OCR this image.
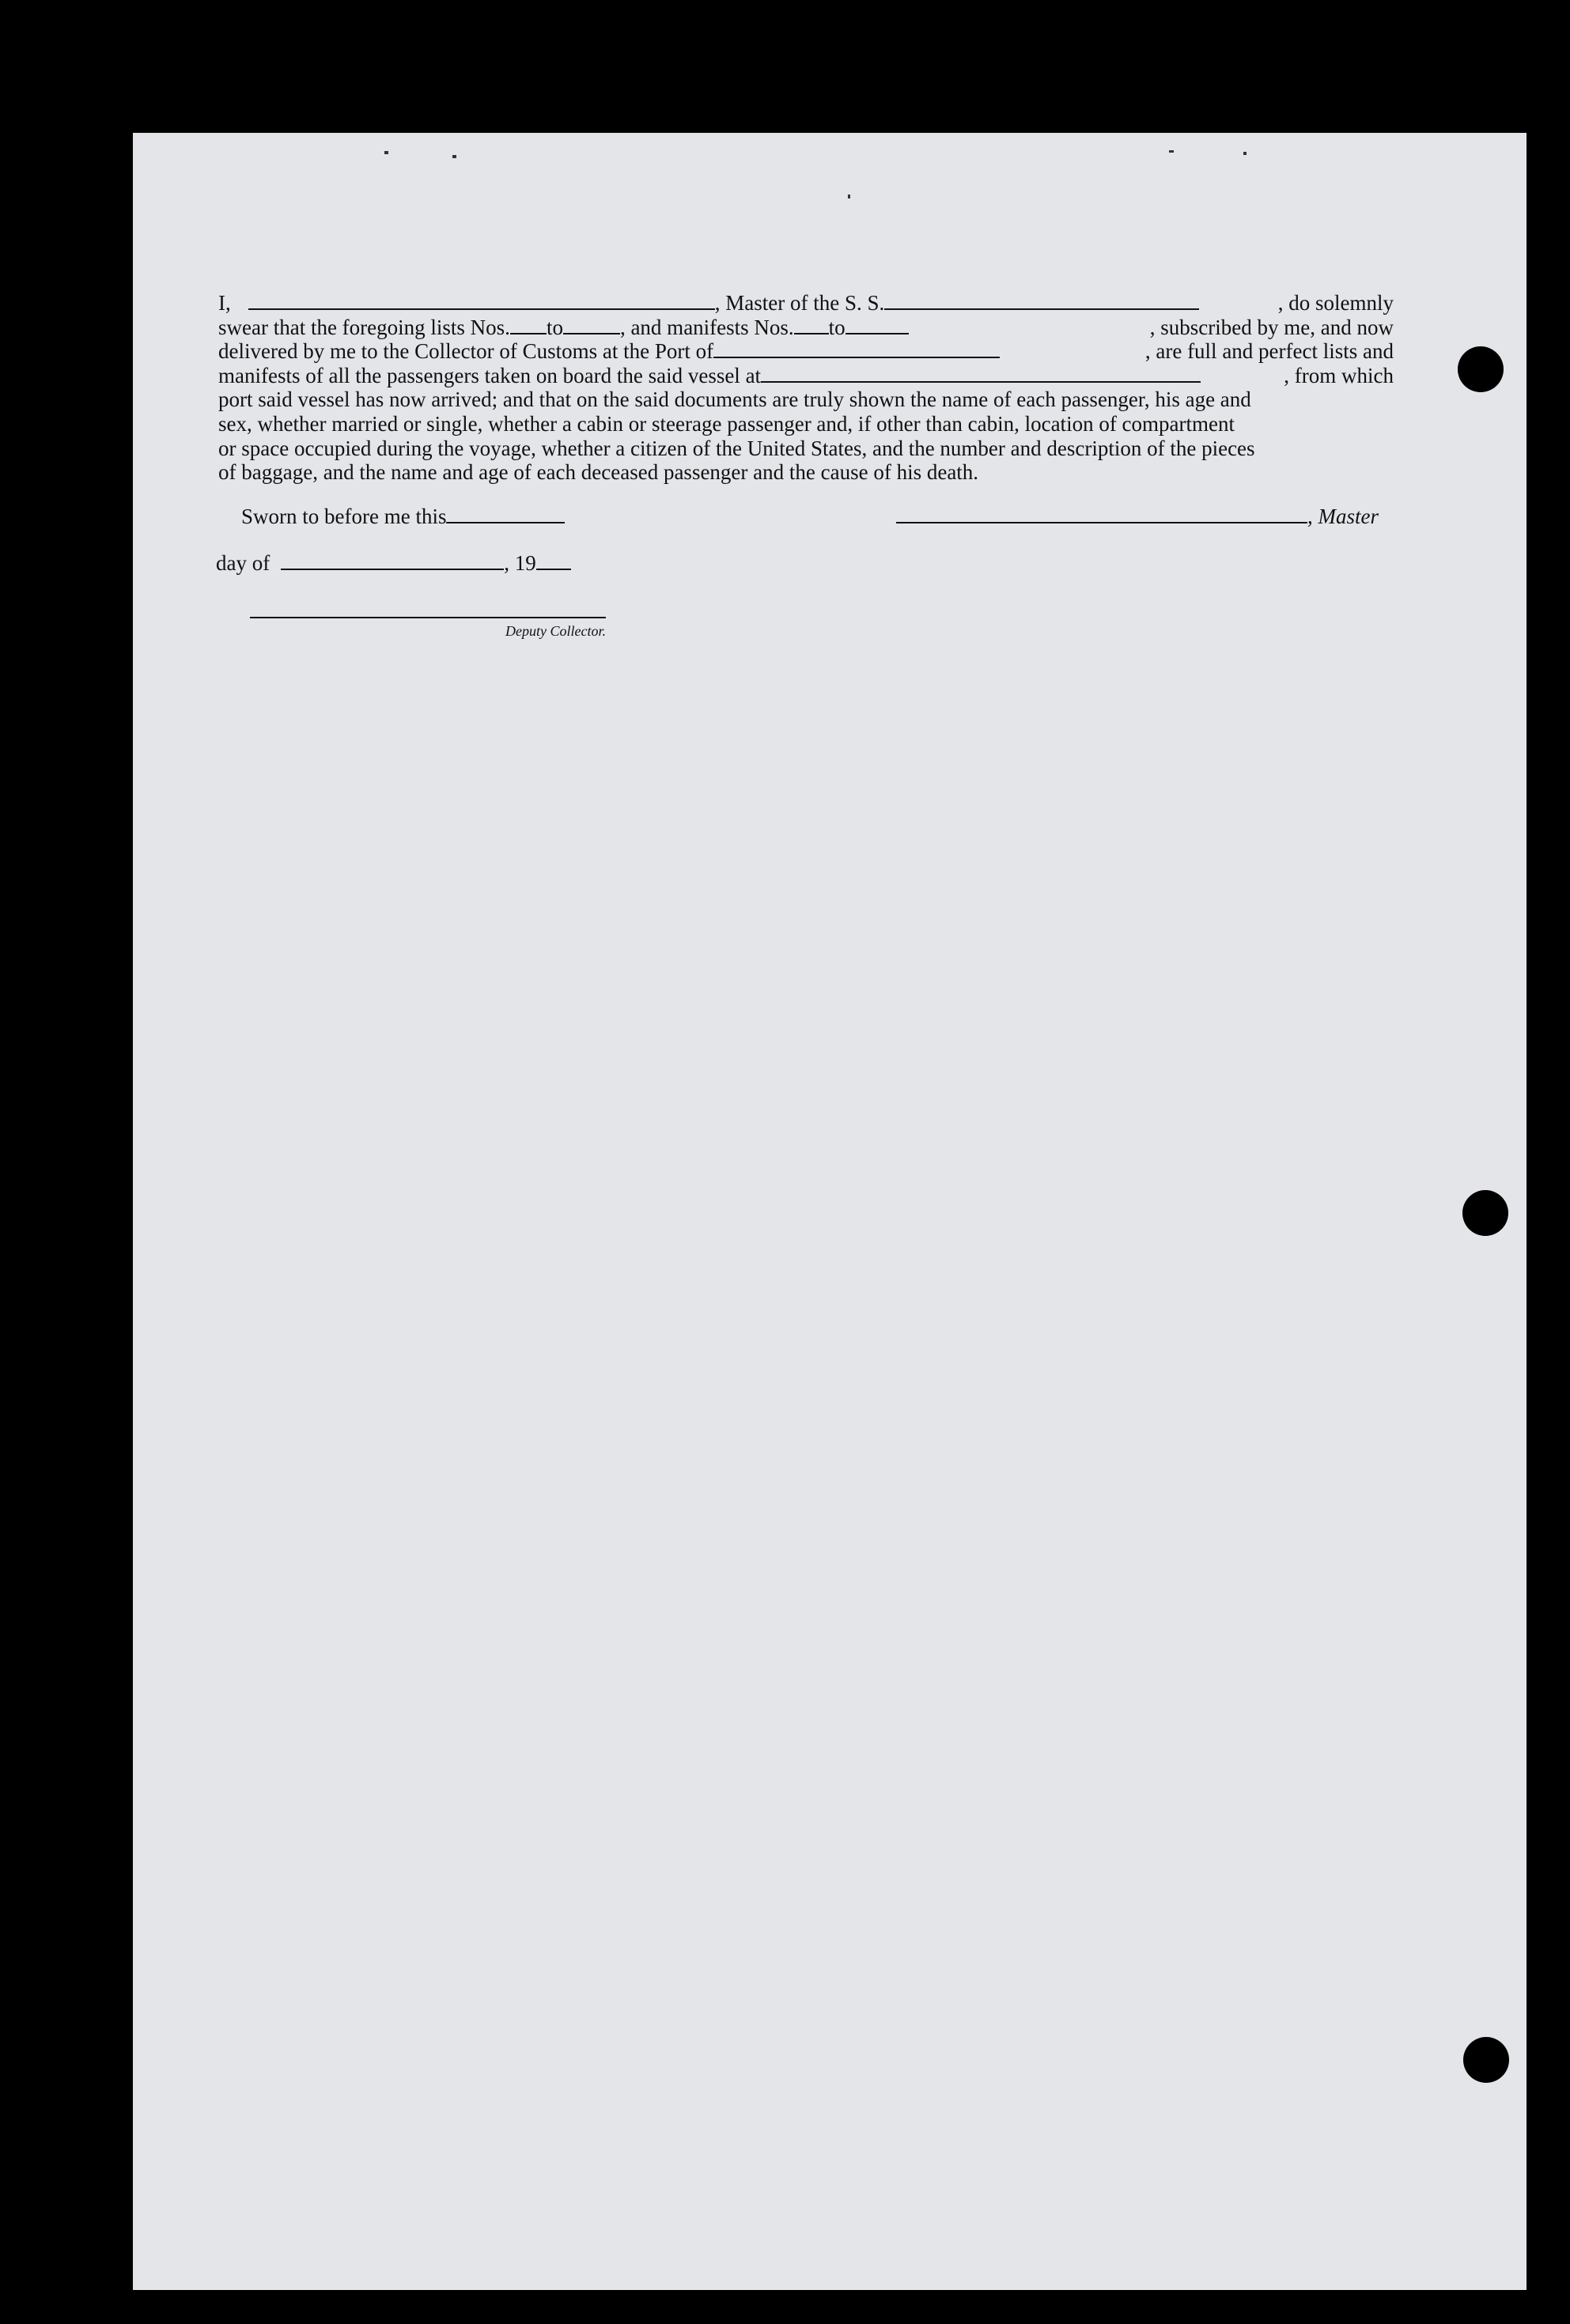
I,	, Master of the S. S.	, do solemnly
swear that the foregoing lists Nos. to	, and manifests Nos. to	, subscribed by me, and now
delivered by me to the Collector of Customs at the Port of	, are full and perfect lists and
manifests of all the passengers taken on board the said vessel at	, from which
port said vessel has now arrived; and that on the said documents are truly shown the name of each passenger, his age and
sex, whether married or single, whether a cabin or steerage passenger and, if other than cabin, location of compartment
or space occupied during the voyage, whether a citizen of the United States, and the number and description of the pieces
of baggage, and the name and age of each deceased passenger and the cause of his death.
Sworn to before me this
day of	, 19
, Master
Deputy Collector.
